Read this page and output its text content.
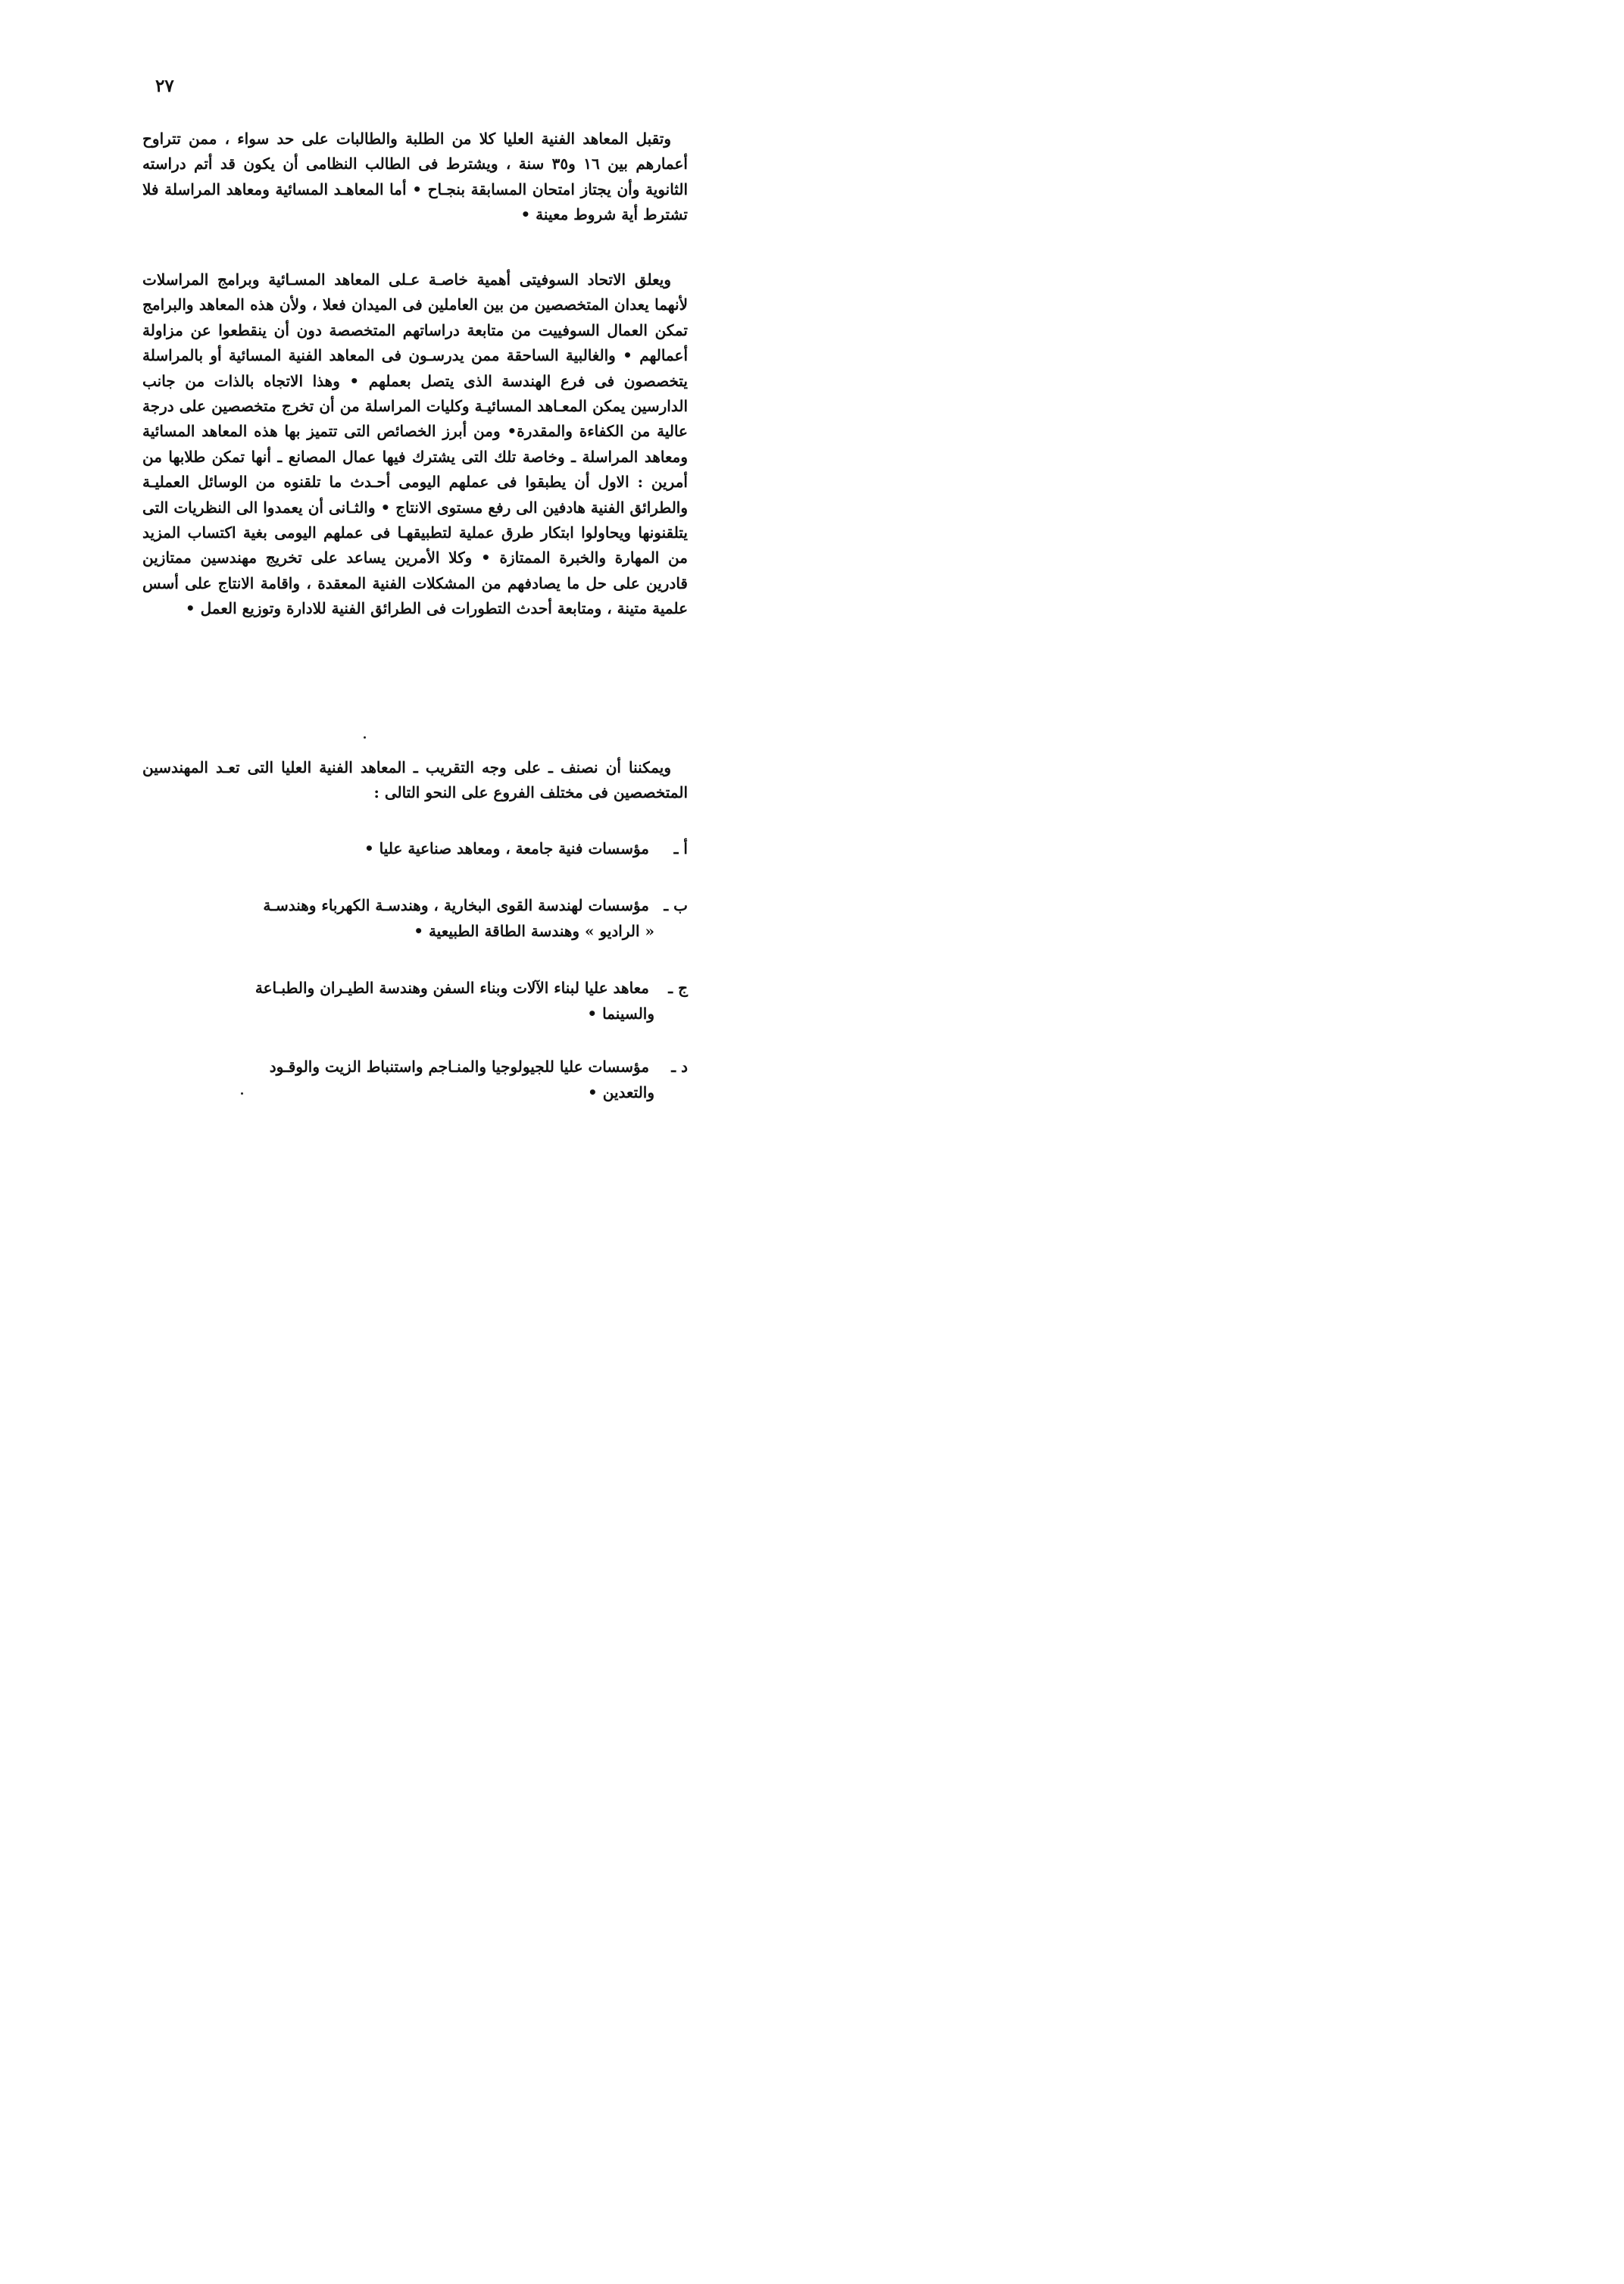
٢٧

وتقبل المعاهد الفنية العليا كلا من الطلبة والطالبات على حد سواء ، ممن تتراوح أعمارهم بين ١٦ و٣٥ سنة ، ويشترط فى الطالب النظامى أن يكون قد أتم دراسته الثانوية وأن يجتاز امتحان المسابقة بنجـاح • أما المعاهـد المسائية ومعاهد المراسلة فلا تشترط أية شروط معينة •

ويعلق الاتحاد السوفيتى أهمية خاصـة عـلى المعاهد المسـائية وبرامج المراسلات لأنهما يعدان المتخصصين من بين العاملين فى الميدان فعلا ، ولأن هذه المعاهد والبرامج تمكن العمال السوفييت من متابعة دراساتهم المتخصصة دون أن ينقطعوا عن مزاولة أعمالهم • والغالبية الساحقة ممن يدرسـون فى المعاهد الفنية المسائية أو بالمراسلة يتخصصون فى فرع الهندسة الذى يتصل بعملهم • وهذا الاتجاه بالذات من جانب الدارسين يمكن المعـاهد المسائيـة وكليات المراسلة من أن تخرج متخصصين على درجة عالية من الكفاءة والمقدرة• ومن أبرز الخصائص التى تتميز بها هذه المعاهد المسائية ومعاهد المراسلة ـ وخاصة تلك التى يشترك فيها عمال المصانع ـ أنها تمكن طلابها من أمرين : الاول أن يطبقوا فى عملهم اليومى أحـدث ما تلقنوه من الوسائل العمليـة والطرائق الفنية هادفين الى رفع مستوى الانتاج • والثـانى أن يعمدوا الى النظريات التى يتلقنونها ويحاولوا ابتكار طرق عملية لتطبيقهـا فى عملهم اليومى بغية اكتساب المزيد من المهارة والخبرة الممتازة • وكلا الأمرين يساعد على تخريج مهندسين ممتازين قادرين على حل ما يصادفهم من المشكلات الفنية المعقدة ، واقامة الانتاج على أسس علمية متينة ، ومتابعة أحدث التطورات فى الطرائق الفنية للادارة وتوزيع العمل •

ويمكننا أن نصنف ـ على وجه التقريب ـ المعاهد الفنية العليا التى تعـد المهندسين المتخصصين فى مختلف الفروع على النحو التالى :

أ ـ مؤسسات فنية جامعة ، ومعاهد صناعية عليا •
ب ـ مؤسسات لهندسة القوى البخارية ، وهندسـة الكهرباء وهندسـة
« الراديو » وهندسة الطاقة الطبيعية •
ج ـ معاهد عليا لبناء الآلات وبناء السفن وهندسة الطيـران والطبـاعة
والسينما •
د ـ مؤسسات عليا للجيولوجيا والمنـاجم واستنباط الزيت والوقـود
والتعدين •
